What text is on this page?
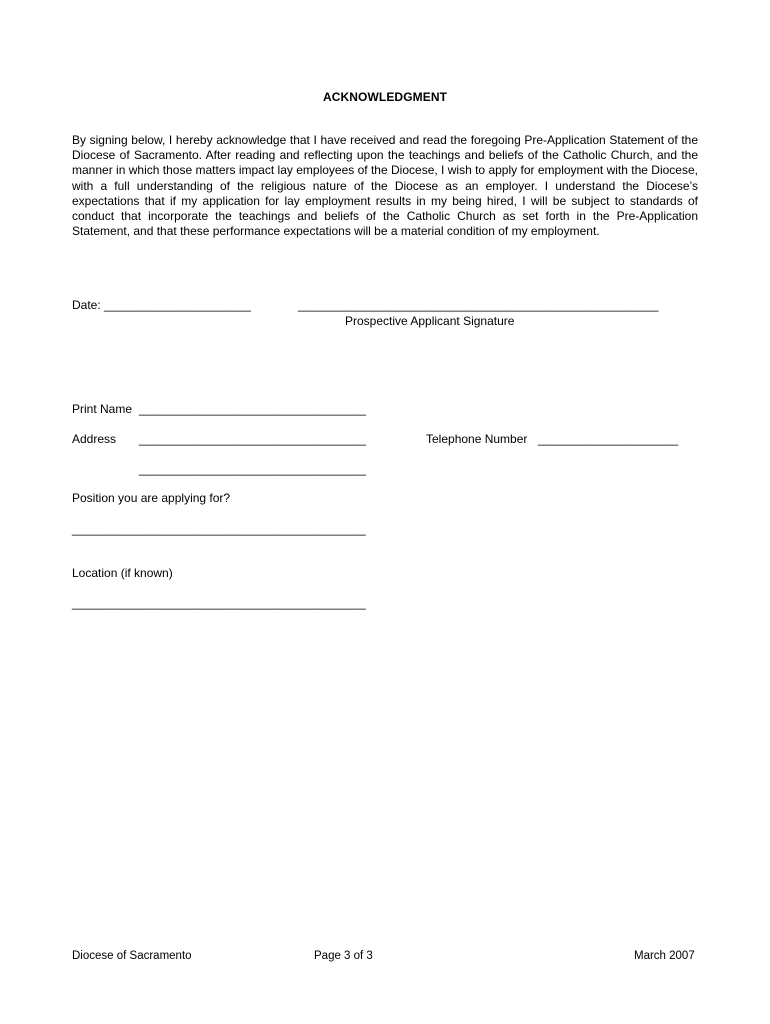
ACKNOWLEDGMENT
By signing below, I hereby acknowledge that I have received and read the foregoing Pre-Application Statement of the Diocese of Sacramento. After reading and reflecting upon the teachings and beliefs of the Catholic Church, and the manner in which those matters impact lay employees of the Diocese, I wish to apply for employment with the Diocese, with a full understanding of the religious nature of the Diocese as an employer. I understand the Diocese’s expectations that if my application for lay employment results in my being hired, I will be subject to standards of conduct that incorporate the teachings and beliefs of the Catholic Church as set forth in the Pre-Application Statement, and that these performance expectations will be a material condition of my employment.
Date: ______________________	______________________________________________________
Prospective Applicant Signature
Print Name __________________________________
Address __________________________________
__________________________________
Telephone Number _____________________
Position you are applying for?
____________________________________________
Location (if known)
____________________________________________
Diocese of Sacramento	Page 3 of 3	March 2007
